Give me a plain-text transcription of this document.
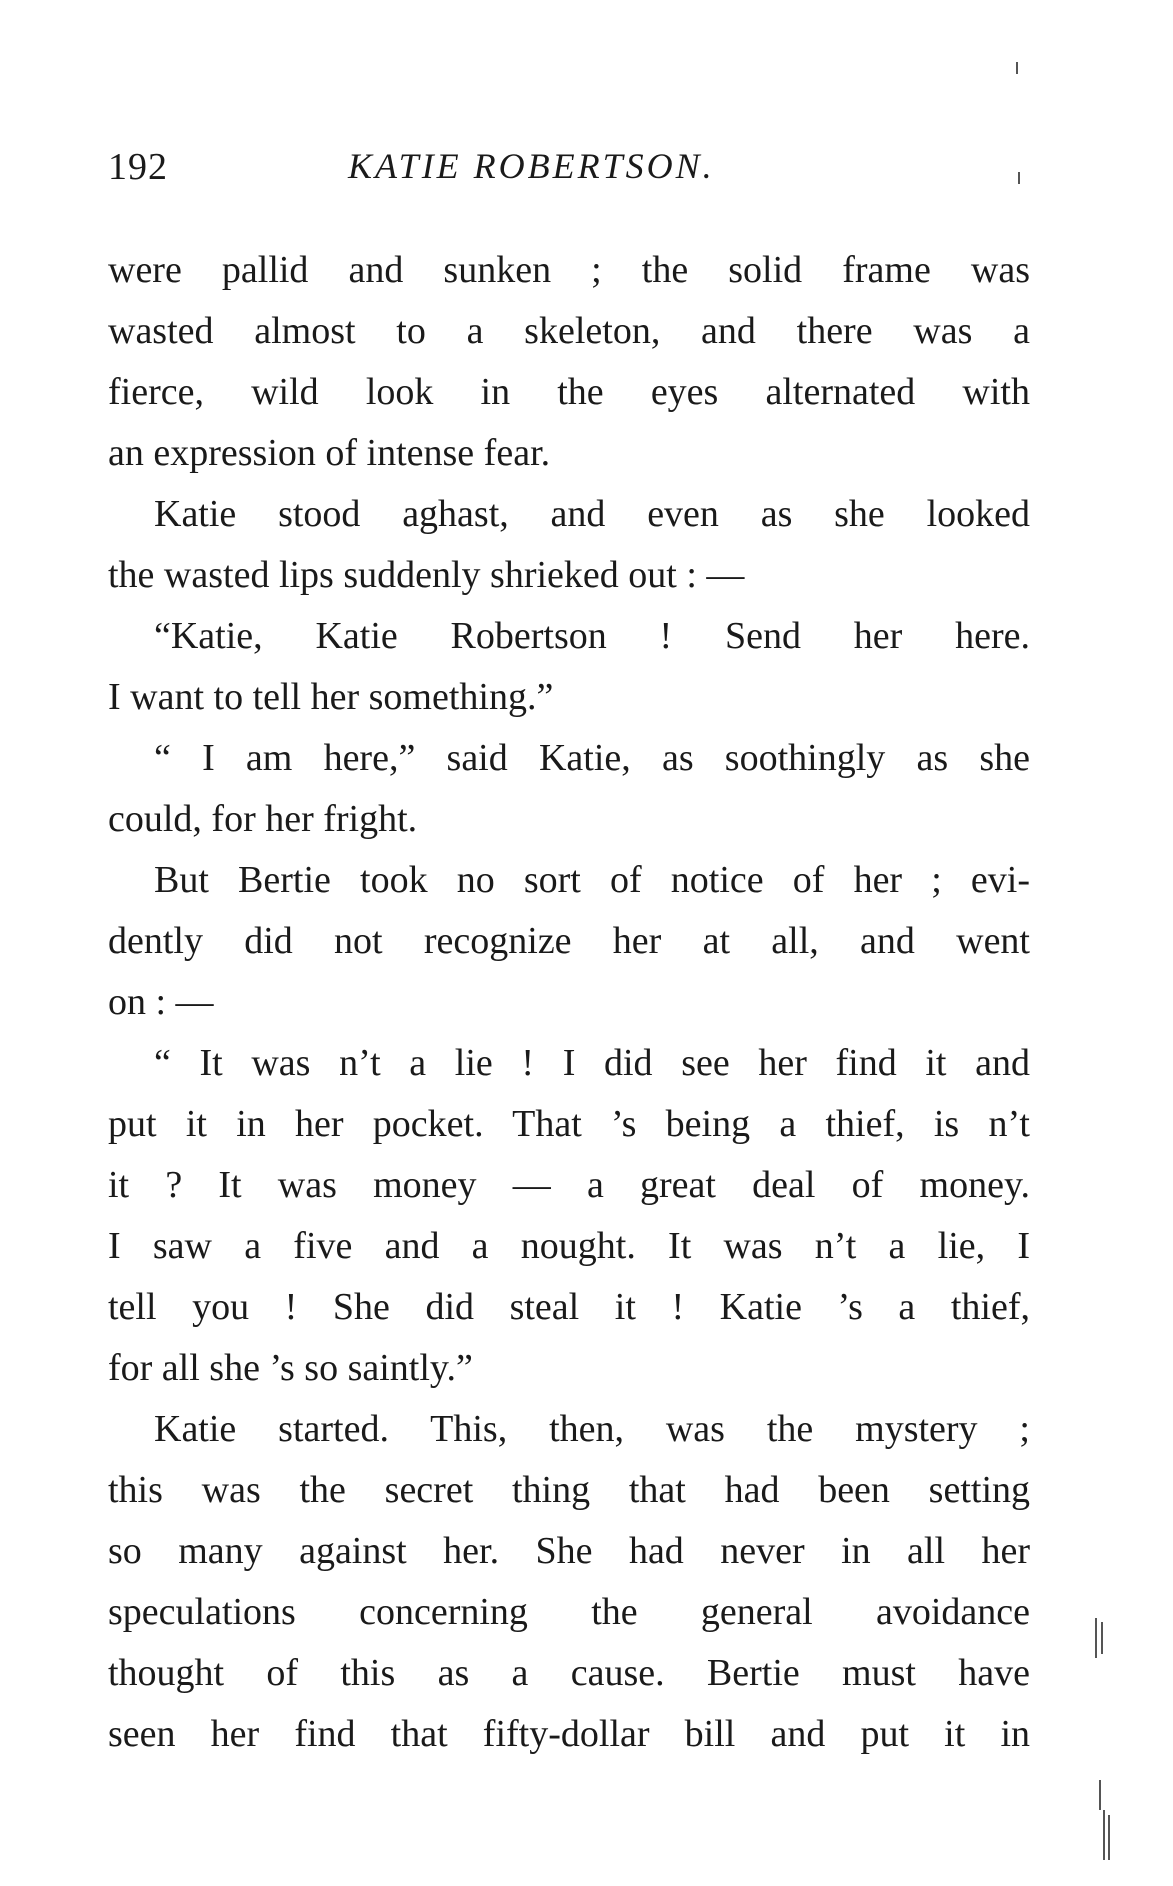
192	KATIE ROBERTSON.
were pallid and sunken ; the solid frame was
wasted almost to a skeleton, and there was a
fierce, wild look in the eyes alternated with
an expression of intense fear.
Katie stood aghast, and even as she looked
the wasted lips suddenly shrieked out : —
“Katie, Katie Robertson ! Send her here.
I want to tell her something.”
“ I am here,” said Katie, as soothingly as she
could, for her fright.
But Bertie took no sort of notice of her ; evi-
dently did not recognize her at all, and went
on : —
“ It was n’t a lie ! I did see her find it and
put it in her pocket. That ’s being a thief, is n’t
it ? It was money — a great deal of money.
I saw a five and a nought. It was n’t a lie, I
tell you ! She did steal it ! Katie ’s a thief,
for all she ’s so saintly.”
Katie started. This, then, was the mystery ;
this was the secret thing that had been setting
so many against her. She had never in all her
speculations concerning the general avoidance
thought of this as a cause. Bertie must have
seen her find that fifty-dollar bill and put it in
